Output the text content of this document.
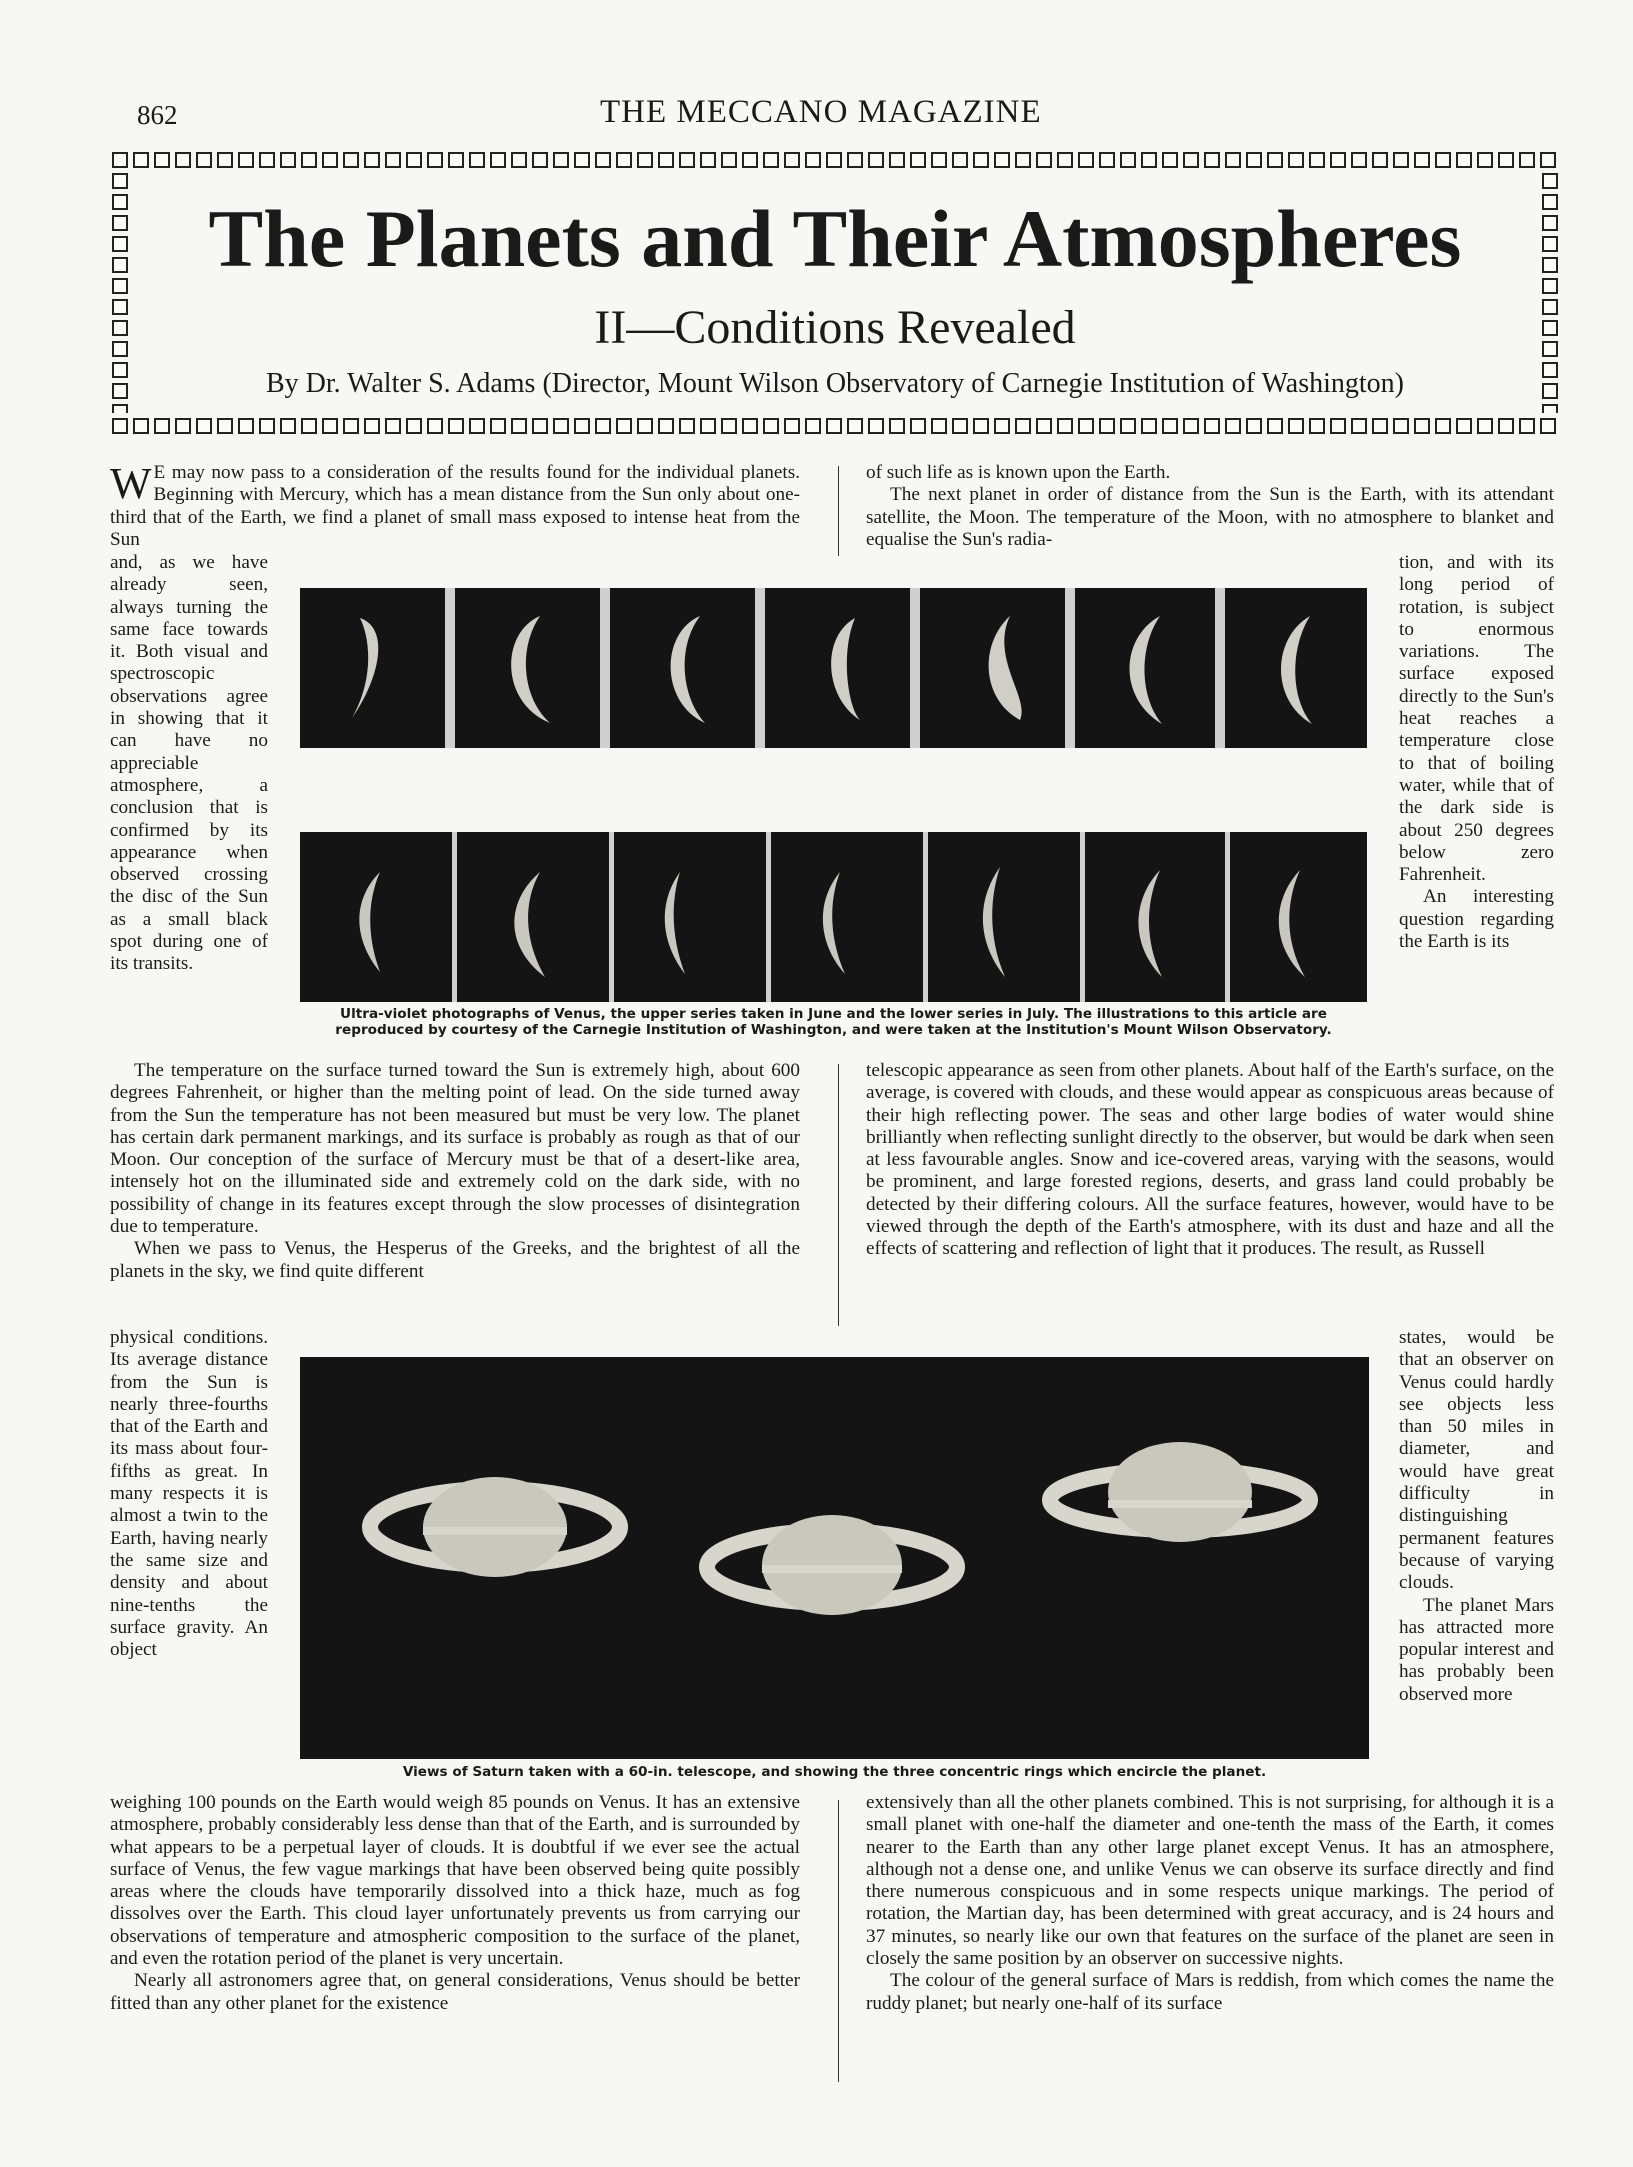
862	THE MECCANO MAGAZINE
The Planets and Their Atmospheres
II—Conditions Revealed
By Dr. Walter S. Adams (Director, Mount Wilson Observatory of Carnegie Institution of Washington)
W E may now pass to a consideration of the results found for the individual planets. Beginning with Mercury, which has a mean distance from the Sun only about one-third that of the Earth, we find a planet of small mass exposed to intense heat from the Sun

and, as we have already seen, always turning the same face towards it. Both visual and spectroscopic observations agree in showing that it can have no appreciable atmosphere, a conclusion that is confirmed by its appearance when observed crossing the disc of the Sun as a small black spot during one of its transits.

The temperature on the surface turned toward the Sun is extremely high, about 600 degrees Fahrenheit, or higher than the melting point of lead. On the side turned away from the Sun the temperature has not been measured but must be very low. The planet has certain dark permanent markings, and its surface is probably as rough as that of our Moon. Our conception of the surface of Mercury must be that of a desert-like area, intensely hot on the illuminated side and extremely cold on the dark side, with no possibility of change in its features except through the slow processes of disintegration due to temperature.

When we pass to Venus, the Hesperus of the Greeks, and the brightest of all the planets in the sky, we find quite different

physical conditions. Its average distance from the Sun is nearly three-fourths that of the Earth and its mass about four-fifths as great. In many respects it is almost a twin to the Earth, having nearly the same size and density and about nine-tenths the surface gravity. An object

weighing 100 pounds on the Earth would weigh 85 pounds on Venus. It has an extensive atmosphere, probably considerably less dense than that of the Earth, and is surrounded by what appears to be a perpetual layer of clouds. It is doubtful if we ever see the actual surface of Venus, the few vague markings that have been observed being quite possibly areas where the clouds have temporarily dissolved into a thick haze, much as fog dissolves over the Earth. This cloud layer unfortunately prevents us from carrying our observations of temperature and atmospheric composition to the surface of the planet, and even the rotation period of the planet is very uncertain.

Nearly all astronomers agree that, on general considerations, Venus should be better fitted than any other planet for the existence

of such life as is known upon the Earth.

The next planet in order of distance from the Sun is the Earth, with its attendant satellite, the Moon. The temperature of the Moon, with no atmosphere to blanket and equalise the Sun's radia-

tion, and with its long period of rotation, is subject to enormous variations. The surface exposed directly to the Sun's heat reaches a temperature close to that of boiling water, while that of the dark side is about 250 degrees below zero Fahrenheit.

An interesting question regarding the Earth is its

telescopic appearance as seen from other planets. About half of the Earth's surface, on the average, is covered with clouds, and these would appear as conspicuous areas because of their high reflecting power. The seas and other large bodies of water would shine brilliantly when reflecting sunlight directly to the observer, but would be dark when seen at less favourable angles. Snow and ice-covered areas, varying with the seasons, would be prominent, and large forested regions, deserts, and grass land could probably be detected by their differing colours. All the surface features, however, would have to be viewed through the depth of the Earth's atmosphere, with its dust and haze and all the effects of scattering and reflection of light that it produces. The result, as Russell

states, would be that an observer on Venus could hardly see objects less than 50 miles in diameter, and would have great difficulty in distinguishing permanent features because of varying clouds.

The planet Mars has attracted more popular interest and has probably been observed more

extensively than all the other planets combined. This is not surprising, for although it is a small planet with one-half the diameter and one-tenth the mass of the Earth, it comes nearer to the Earth than any other large planet except Venus. It has an atmosphere, although not a dense one, and unlike Venus we can observe its surface directly and find there numerous conspicuous and in some respects unique markings. The period of rotation, the Martian day, has been determined with great accuracy, and is 24 hours and 37 minutes, so nearly like our own that features on the surface of the planet are seen in closely the same position by an observer on successive nights.

The colour of the general surface of Mars is reddish, from which comes the name the ruddy planet; but nearly one-half of its surface

Ultra-violet photographs of Venus, the upper series taken in June and the lower series in July. The illustrations to this article are reproduced by courtesy of the Carnegie Institution of Washington, and were taken at the Institution's Mount Wilson Observatory.
Views of Saturn taken with a 60-in. telescope, and showing the three concentric rings which encircle the planet.
